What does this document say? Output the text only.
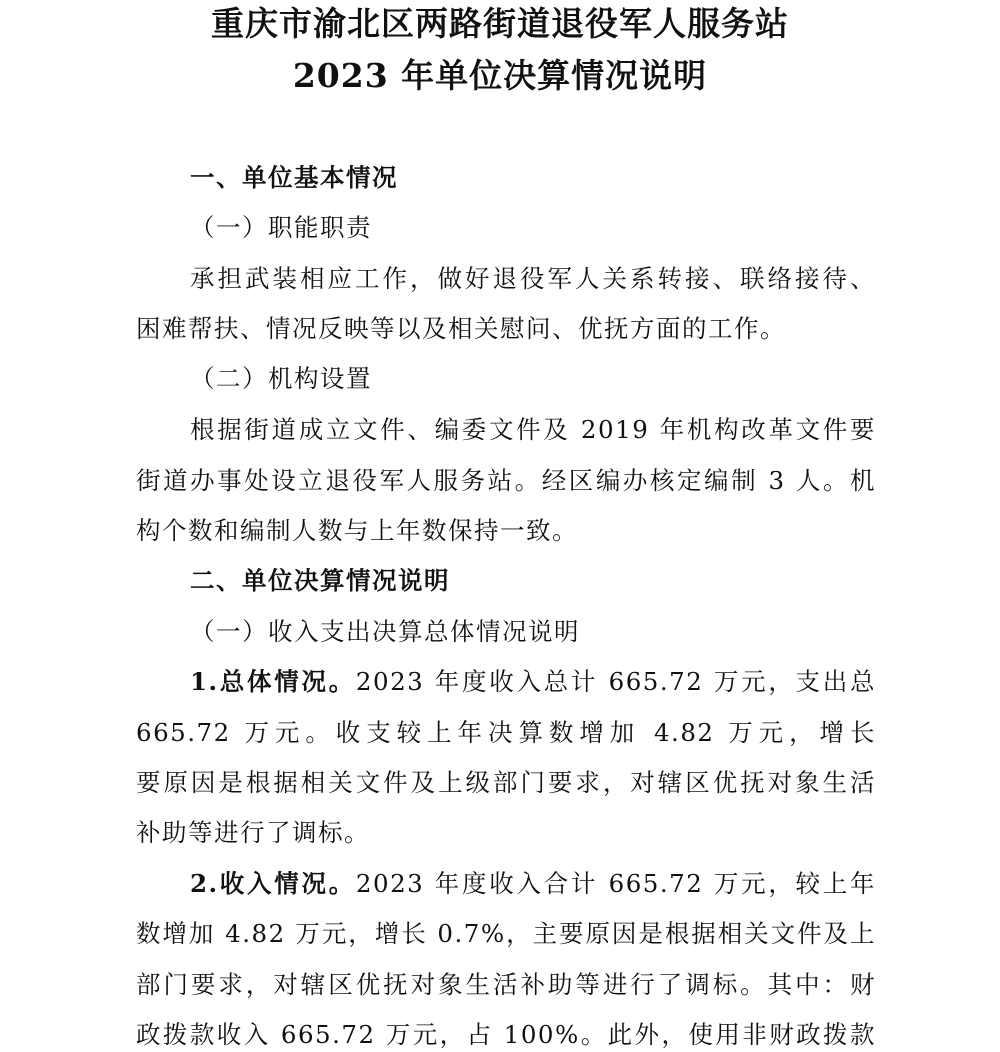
重庆市渝北区两路街道退役军人服务站
2023 年单位决算情况说明
一、单位基本情况
（一）职能职责
承担武装相应工作，做好退役军人关系转接、联络接待、
困难帮扶、情况反映等以及相关慰问、优抚方面的工作。
（二）机构设置
根据街道成立文件、编委文件及 2019 年机构改革文件要
街道办事处设立退役军人服务站。经区编办核定编制 3 人。机
构个数和编制人数与上年数保持一致。
二、单位决算情况说明
（一）收入支出决算总体情况说明
1.总体情况。2023 年度收入总计 665.72 万元，支出总
665.72 万元。收支较上年决算数增加 4.82 万元，增长
要原因是根据相关文件及上级部门要求，对辖区优抚对象生活
补助等进行了调标。
2.收入情况。2023 年度收入合计 665.72 万元，较上年
数增加 4.82 万元，增长 0.7%，主要原因是根据相关文件及上
部门要求，对辖区优抚对象生活补助等进行了调标。其中：财
政拨款收入 665.72 万元，占 100%。此外，使用非财政拨款
